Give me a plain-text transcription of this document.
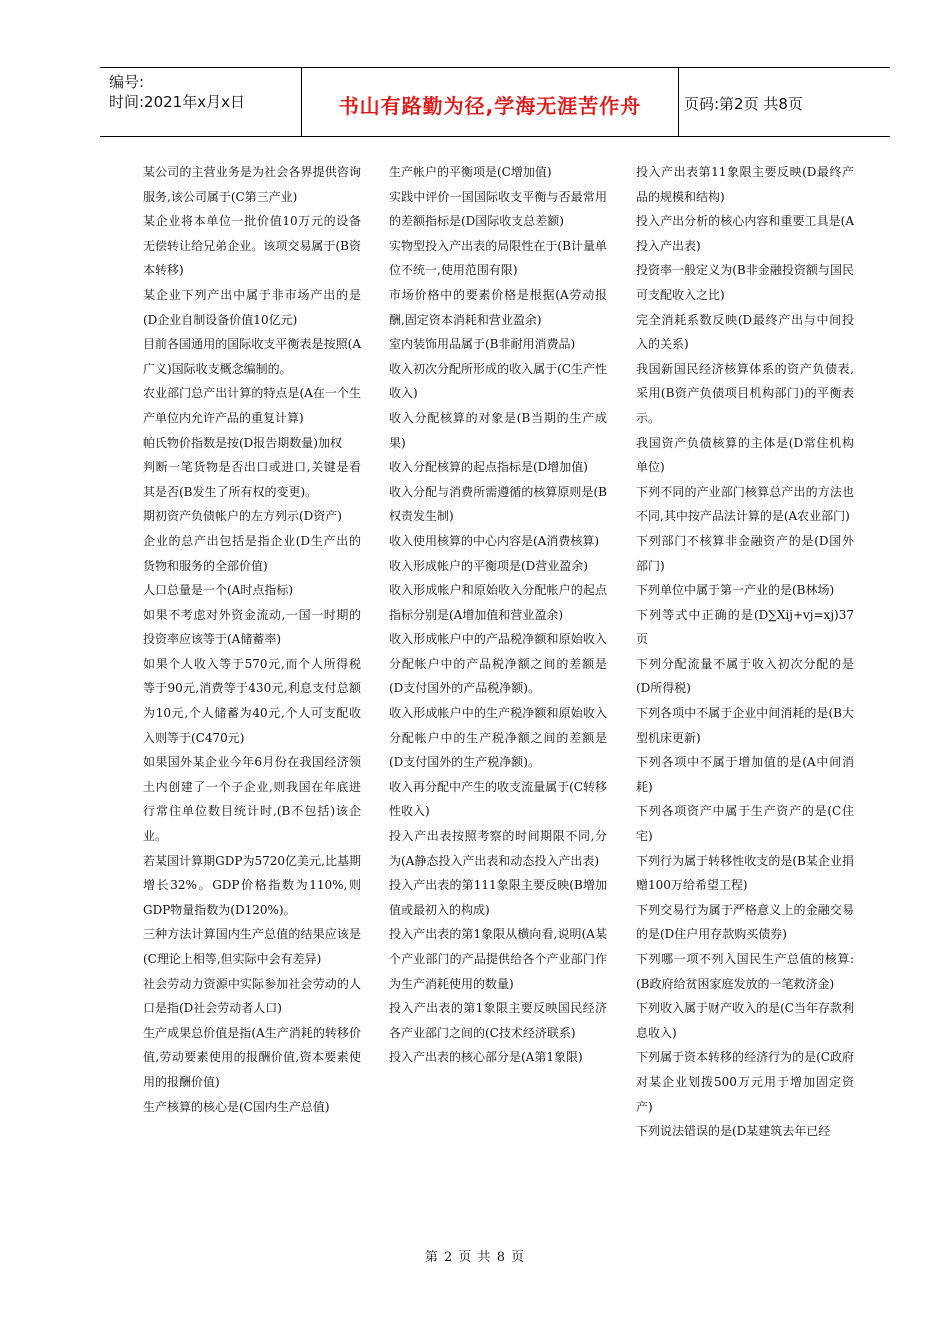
编号:
时间:2021年x月x日	书山有路勤为径,学海无涯苦作舟	页码:第2页 共8页

某公司的主营业务是为社会各界提供咨询服务,该公司属于(C第三产业)

某企业将本单位一批价值10万元的设备无偿转让给兄弟企业。该项交易属于(B资本转移)

某企业下列产出中属于非市场产出的是(D企业自制设备价值10亿元)

目前各国通用的国际收支平衡表是按照(A广义)国际收支概念编制的。

农业部门总产出计算的特点是(A在一个生产单位内允许产品的重复计算)

帕氏物价指数是按(D报告期数量)加权

判断一笔货物是否出口或进口,关键是看其是否(B发生了所有权的变更)。

期初资产负债帐户的左方列示(D资产)

企业的总产出包括是指企业(D生产出的货物和服务的全部价值)

人口总量是一个(A时点指标)

如果不考虑对外资金流动,一国一时期的投资率应该等于(A储蓄率)

如果个人收入等于570元,而个人所得税等于90元,消费等于430元,利息支付总额为10元,个人储蓄为40元,个人可支配收入则等于(C470元)

如果国外某企业今年6月份在我国经济领土内创建了一个子企业,则我国在年底进行常住单位数目统计时,(B不包括)该企业。

若某国计算期GDP为5720亿美元,比基期增长32%。GDP价格指数为110%,则GDP物量指数为(D120%)。

三种方法计算国内生产总值的结果应该是(C理论上相等,但实际中会有差异)

社会劳动力资源中实际参加社会劳动的人口是指(D社会劳动者人口)

生产成果总价值是指(A生产消耗的转移价值,劳动要素使用的报酬价值,资本要素使用的报酬价值)

生产核算的核心是(C国内生产总值)

生产帐户的平衡项是(C增加值)

实践中评价一国国际收支平衡与否最常用的差额指标是(D国际收支总差额)

实物型投入产出表的局限性在于(B计量单位不统一,使用范围有限)

市场价格中的要素价格是根据(A劳动报酬,固定资本消耗和营业盈余)

室内装饰用品属于(B非耐用消费品)

收入初次分配所形成的收入属于(C生产性收入)

收入分配核算的对象是(B当期的生产成果)

收入分配核算的起点指标是(D增加值)

收入分配与消费所需遵循的核算原则是(B权责发生制)

收入使用核算的中心内容是(A消费核算)

收入形成帐户的平衡项是(D营业盈余)

收入形成帐户和原始收入分配帐户的起点指标分别是(A增加值和营业盈余)

收入形成帐户中的产品税净额和原始收入分配帐户中的产品税净额之间的差额是(D支付国外的产品税净额)。

收入形成帐户中的生产税净额和原始收入分配帐户中的生产税净额之间的差额是(D支付国外的生产税净额)。

收入再分配中产生的收支流量属于(C转移性收入)

投入产出表按照考察的时间期限不同,分为(A静态投入产出表和动态投入产出表)

投入产出表的第111象限主要反映(B增加值或最初入的构成)

投入产出表的第1象限从横向看,说明(A某个产业部门的产品提供给各个产业部门作为生产消耗使用的数量)

投入产出表的第1象限主要反映国民经济各产业部门之间的(C技术经济联系)

投入产出表的核心部分是(A第1象限)

投入产出表第11象限主要反映(D最终产品的规模和结构)

投入产出分析的核心内容和重要工具是(A投入产出表)

投资率一般定义为(B非金融投资额与国民可支配收入之比)

完全消耗系数反映(D最终产出与中间投入的关系)

我国新国民经济核算体系的资产负债表,采用(B资产负债项目机构部门)的平衡表示。

我国资产负债核算的主体是(D常住机构单位)

下列不同的产业部门核算总产出的方法也不同,其中按产品法计算的是(A农业部门)

下列部门不核算非金融资产的是(D国外部门)

下列单位中属于第一产业的是(B林场)

下列等式中正确的是(D∑Xij+vj=xj)37页

下列分配流量不属于收入初次分配的是(D所得税)

下列各项中不属于企业中间消耗的是(B大型机床更新)

下列各项中不属于增加值的是(A中间消耗)

下列各项资产中属于生产资产的是(C住宅)

下列行为属于转移性收支的是(B某企业捐赠100万给希望工程)

下列交易行为属于严格意义上的金融交易的是(D住户用存款购买债券)

下列哪一项不列入国民生产总值的核算:(B政府给贫困家庭发放的一笔救济金)

下列收入属于财产收入的是(C当年存款利息收入)

下列属于资本转移的经济行为的是(C政府对某企业划拨500万元用于增加固定资产)

下列说法错误的是(D某建筑去年已经

第 2 页 共 8 页
